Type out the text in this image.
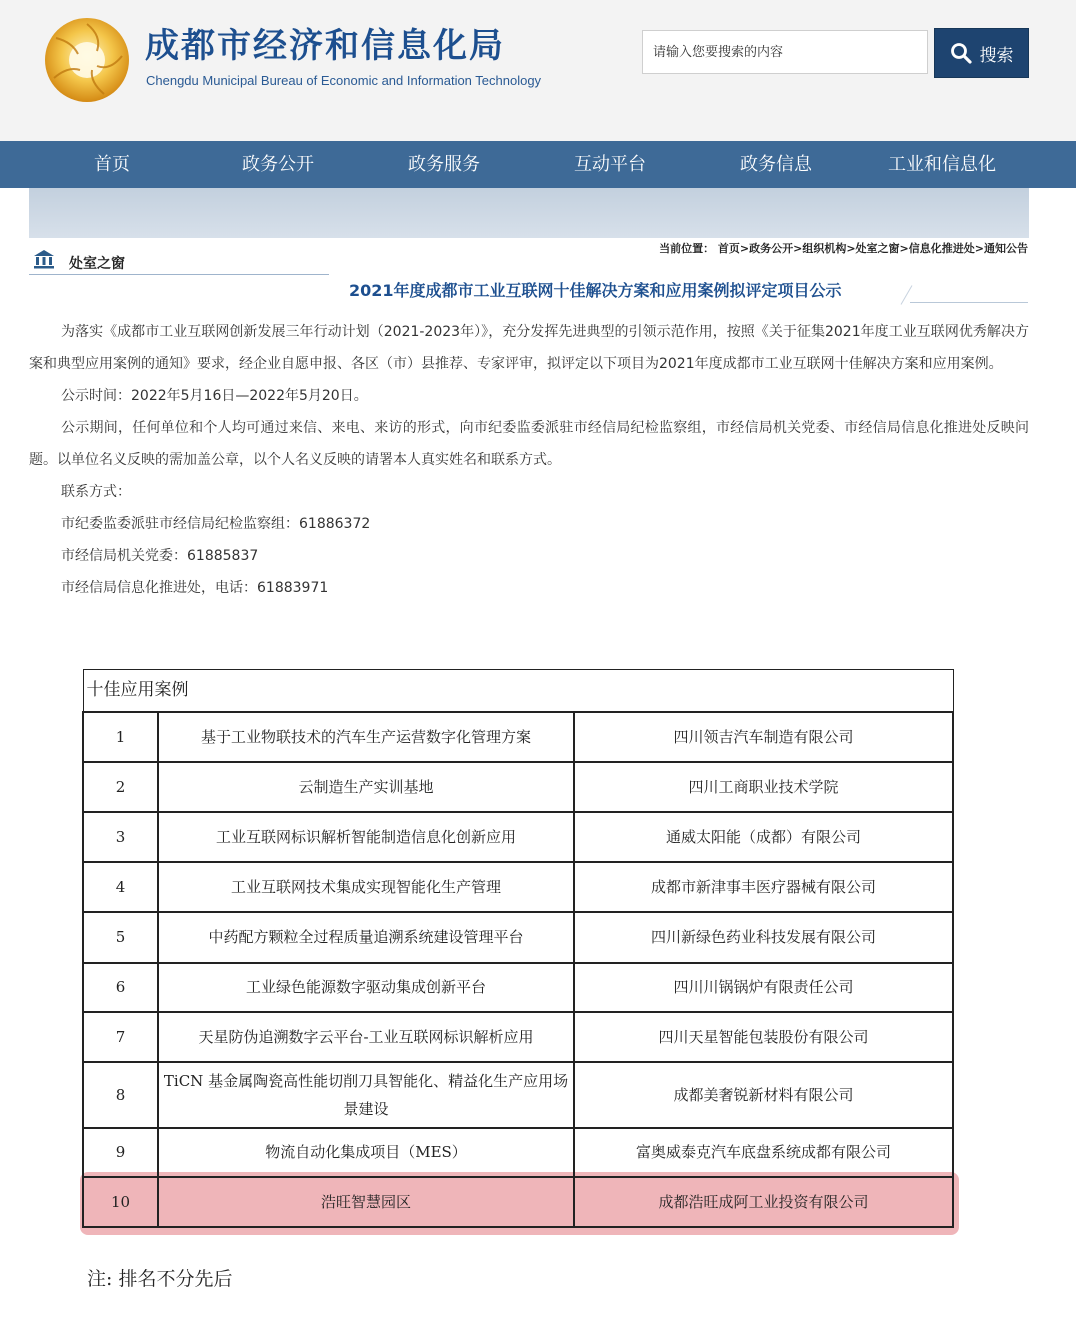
成都市经济和信息化局
Chengdu Municipal Bureau of Economic and Information Technology
请输入您要搜索的内容
搜索
首页	政务公开	政务服务	互动平台	政务信息	工业和信息化
处室之窗
当前位置： 首页>政务公开>组织机构>处室之窗>信息化推进处>通知公告
2021年度成都市工业互联网十佳解决方案和应用案例拟评定项目公示

为落实《成都市工业互联网创新发展三年行动计划（2021-2023年）》，充分发挥先进典型的引领示范作用，按照《关于征集2021年度工业互联网优秀解决方案和典型应用案例的通知》要求，经企业自愿申报、各区（市）县推荐、专家评审，拟评定以下项目为2021年度成都市工业互联网十佳解决方案和应用案例。

公示时间：2022年5月16日—2022年5月20日。

公示期间，任何单位和个人均可通过来信、来电、来访的形式，向市纪委监委派驻市经信局纪检监察组，市经信局机关党委、市经信局信息化推进处反映问题。以单位名义反映的需加盖公章，以个人名义反映的请署本人真实姓名和联系方式。

联系方式：

市纪委监委派驻市经信局纪检监察组：61886372

市经信局机关党委：61885837

市经信局信息化推进处，电话：61883971

十佳应用案例		
1	基于工业物联技术的汽车生产运营数字化管理方案	四川领吉汽车制造有限公司
2	云制造生产实训基地	四川工商职业技术学院
3	工业互联网标识解析智能制造信息化创新应用	通威太阳能（成都）有限公司
4	工业互联网技术集成实现智能化生产管理	成都市新津事丰医疗器械有限公司
5	中药配方颗粒全过程质量追溯系统建设管理平台	四川新绿色药业科技发展有限公司
6	工业绿色能源数字驱动集成创新平台	四川川锅锅炉有限责任公司
7	天星防伪追溯数字云平台-工业互联网标识解析应用	四川天星智能包装股份有限公司
8	TiCN 基金属陶瓷高性能切削刀具智能化、精益化生产应用场景建设	成都美奢锐新材料有限公司
9	物流自动化集成项目（MES）	富奥威泰克汽车底盘系统成都有限公司
10	浩旺智慧园区	成都浩旺成阿工业投资有限公司
注: 排名不分先后
